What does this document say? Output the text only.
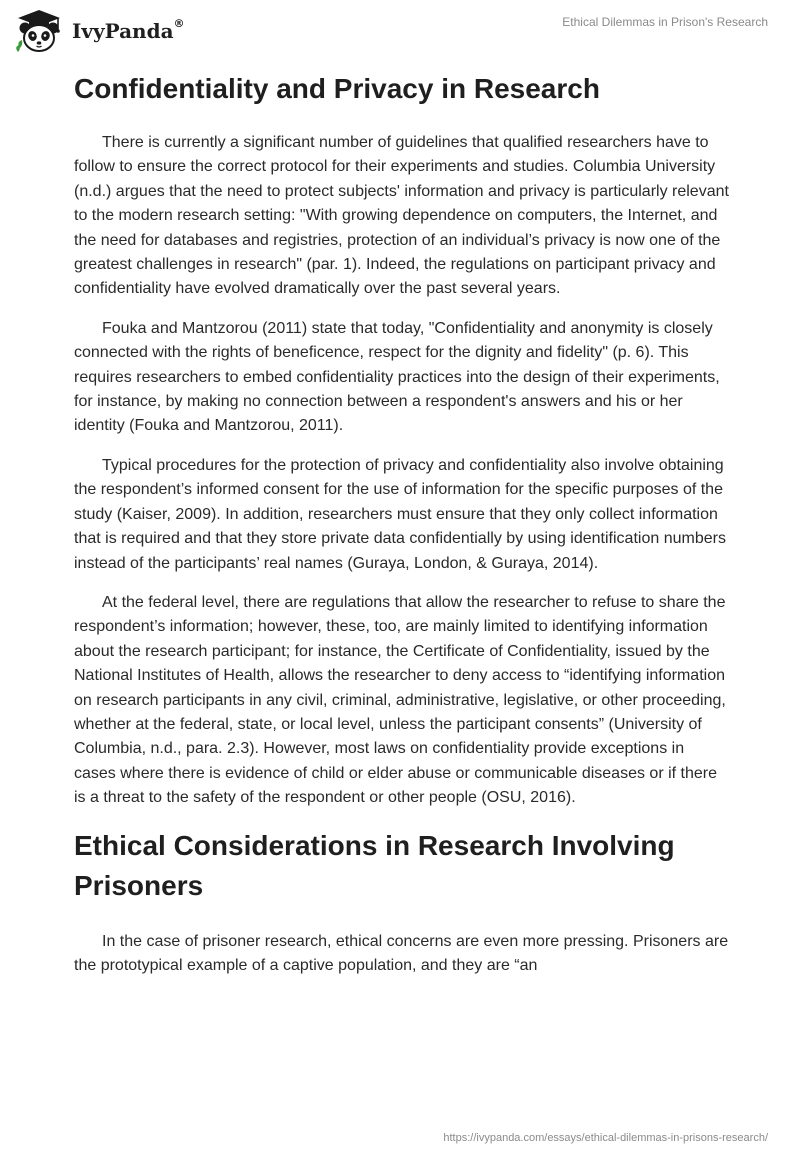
IvyPanda®	Ethical Dilemmas in Prison's Research
Confidentiality and Privacy in Research

There is currently a significant number of guidelines that qualified researchers have to follow to ensure the correct protocol for their experiments and studies. Columbia University (n.d.) argues that the need to protect subjects' information and privacy is particularly relevant to the modern research setting: "With growing dependence on computers, the Internet, and the need for databases and registries, protection of an individual’s privacy is now one of the greatest challenges in research" (par. 1). Indeed, the regulations on participant privacy and confidentiality have evolved dramatically over the past several years.

Fouka and Mantzorou (2011) state that today, "Confidentiality and anonymity is closely connected with the rights of beneficence, respect for the dignity and fidelity" (p. 6). This requires researchers to embed confidentiality practices into the design of their experiments, for instance, by making no connection between a respondent's answers and his or her identity (Fouka and Mantzorou, 2011).

Typical procedures for the protection of privacy and confidentiality also involve obtaining the respondent’s informed consent for the use of information for the specific purposes of the study (Kaiser, 2009). In addition, researchers must ensure that they only collect information that is required and that they store private data confidentially by using identification numbers instead of the participants’ real names (Guraya, London, & Guraya, 2014).

At the federal level, there are regulations that allow the researcher to refuse to share the respondent’s information; however, these, too, are mainly limited to identifying information about the research participant; for instance, the Certificate of Confidentiality, issued by the National Institutes of Health, allows the researcher to deny access to “identifying information on research participants in any civil, criminal, administrative, legislative, or other proceeding, whether at the federal, state, or local level, unless the participant consents” (University of Columbia, n.d., para. 2.3). However, most laws on confidentiality provide exceptions in cases where there is evidence of child or elder abuse or communicable diseases or if there is a threat to the safety of the respondent or other people (OSU, 2016).

Ethical Considerations in Research Involving Prisoners

In the case of prisoner research, ethical concerns are even more pressing. Prisoners are the prototypical example of a captive population, and they are “an

https://ivypanda.com/essays/ethical-dilemmas-in-prisons-research/
